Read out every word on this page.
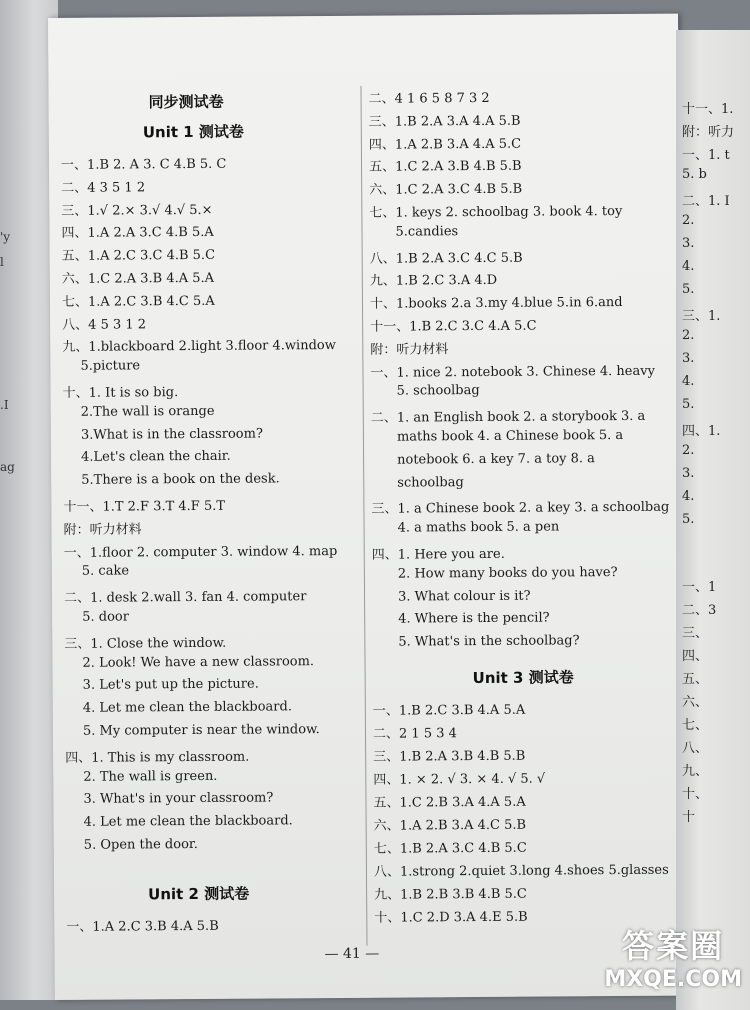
'y
l
.I
ag
同步测试卷
Unit 1 测试卷
一、1.B 2. A 3. C 4.B 5. C
二、4 3 5 1 2
三、1.√ 2.× 3.√ 4.√ 5.×
四、1.A 2.A 3.C 4.B 5.A
五、1.A 2.C 3.C 4.B 5.C
六、1.C 2.A 3.B 4.A 5.A
七、1.A 2.C 3.B 4.C 5.A
八、4 5 3 1 2
九、1.blackboard 2.light 3.floor 4.window
5.picture
十、1. It is so big.
2.The wall is orange
3.What is in the classroom?
4.Let's clean the chair.
5.There is a book on the desk.
十一、1.T 2.F 3.T 4.F 5.T
附：听力材料
一、1.floor 2. computer 3. window 4. map
5. cake
二、1. desk 2.wall 3. fan 4. computer
5. door
三、1. Close the window.
2. Look! We have a new classroom.
3. Let's put up the picture.
4. Let me clean the blackboard.
5. My computer is near the window.
四、1. This is my classroom.
2. The wall is green.
3. What's in your classroom?
4. Let me clean the blackboard.
5. Open the door.
Unit 2 测试卷
一、1.A 2.C 3.B 4.A 5.B
二、4 1 6 5 8 7 3 2
三、1.B 2.A 3.A 4.A 5.B
四、1.A 2.B 3.A 4.A 5.C
五、1.C 2.A 3.B 4.B 5.B
六、1.C 2.A 3.C 4.B 5.B
七、1. keys 2. schoolbag 3. book 4. toy
5.candies
八、1.B 2.A 3.C 4.C 5.B
九、1.B 2.C 3.A 4.D
十、1.books 2.a 3.my 4.blue 5.in 6.and
十一、1.B 2.C 3.C 4.A 5.C
附：听力材料
一、1. nice 2. notebook 3. Chinese 4. heavy
5. schoolbag
二、1. an English book 2. a storybook 3. a
maths book 4. a Chinese book 5. a
notebook 6. a key 7. a toy 8. a
schoolbag
三、1. a Chinese book 2. a key 3. a schoolbag
4. a maths book 5. a pen
四、1. Here you are.
2. How many books do you have?
3. What colour is it?
4. Where is the pencil?
5. What's in the schoolbag?
Unit 3 测试卷
一、1.B 2.C 3.B 4.A 5.A
二、2 1 5 3 4
四、1. × 2. √ 3. × 4. √ 5. √
五、1.C 2.B 3.A 4.A 5.A
六、1.A 2.B 3.A 4.C 5.B
七、1.B 2.A 3.C 4.B 5.C
八、1.strong 2.quiet 3.long 4.shoes 5.glasses
九、1.B 2.B 3.B 4.B 5.C
十、1.C 2.D 3.A 4.E 5.B
三、1.B 2.A 3.B 4.B 5.B
— 41 —
十一、1.
附：听力
一、1. t
5. b
二、1. I
2.
3.
4.
5.
三、1.
2.
3.
4.
5.
四、1.
2.
3.
4.
5.
一、1
二、3
三、
四、
五、
六、
七、
八、
九、
十、
十
答案圈
MXQE.COM
